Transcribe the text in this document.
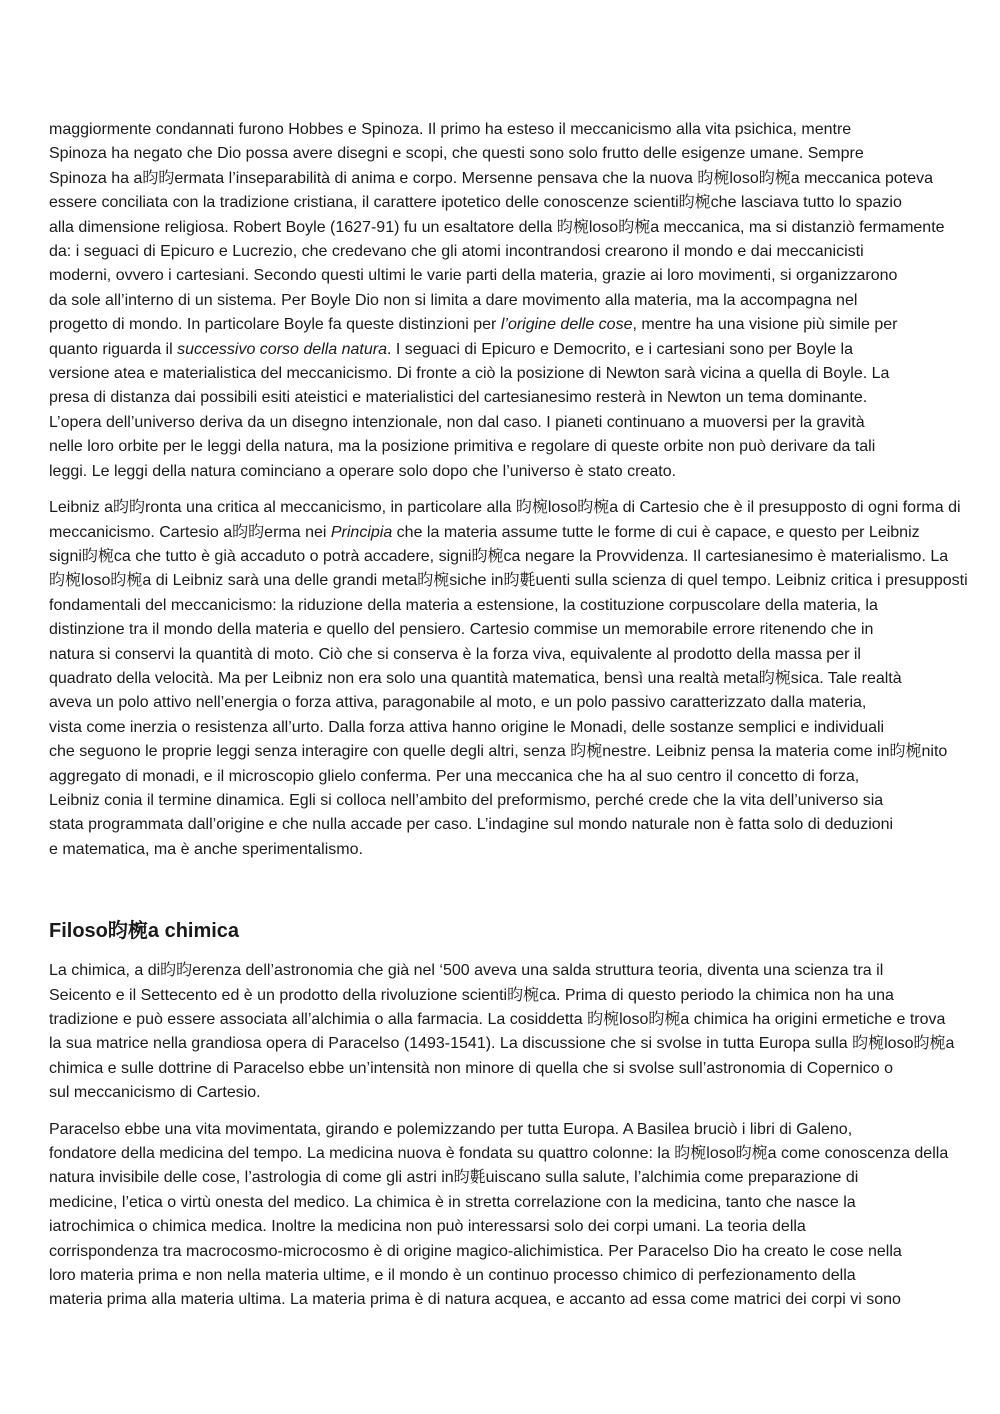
maggiormente condannati furono Hobbes e Spinoza. Il primo ha esteso il meccanicismo alla vita psichica, mentre
Spinoza ha negato che Dio possa avere disegni e scopi, che questi sono solo frutto delle esigenze umane. Sempre
Spinoza ha a昀昀ermata l’inseparabilità di anima e corpo. Mersenne pensava che la nuova 昀椀loso昀椀a meccanica poteva
essere conciliata con la tradizione cristiana, il carattere ipotetico delle conoscenze scienti昀椀che lasciava tutto lo spazio
alla dimensione religiosa. Robert Boyle (1627-91) fu un esaltatore della 昀椀loso昀椀a meccanica, ma si distanziò fermamente
da: i seguaci di Epicuro e Lucrezio, che credevano che gli atomi incontrandosi crearono il mondo e dai meccanicisti
moderni, ovvero i cartesiani. Secondo questi ultimi le varie parti della materia, grazie ai loro movimenti, si organizzarono
da sole all’interno di un sistema. Per Boyle Dio non si limita a dare movimento alla materia, ma la accompagna nel
progetto di mondo. In particolare Boyle fa queste distinzioni per l’origine delle cose, mentre ha una visione più simile per
quanto riguarda il successivo corso della natura. I seguaci di Epicuro e Democrito, e i cartesiani sono per Boyle la
versione atea e materialistica del meccanicismo. Di fronte a ciò la posizione di Newton sarà vicina a quella di Boyle. La
presa di distanza dai possibili esiti ateistici e materialistici del cartesianesimo resterà in Newton un tema dominante.
L’opera dell’universo deriva da un disegno intenzionale, non dal caso. I pianeti continuano a muoversi per la gravità
nelle loro orbite per le leggi della natura, ma la posizione primitiva e regolare di queste orbite non può derivare da tali
leggi. Le leggi della natura cominciano a operare solo dopo che l’universo è stato creato.

Leibniz a昀昀ronta una critica al meccanicismo, in particolare alla 昀椀loso昀椀a di Cartesio che è il presupposto di ogni forma di
meccanicismo. Cartesio a昀昀erma nei Principia che la materia assume tutte le forme di cui è capace, e questo per Leibniz
signi昀椀ca che tutto è già accaduto o potrà accadere, signi昀椀ca negare la Provvidenza. Il cartesianesimo è materialismo. La
昀椀loso昀椀a di Leibniz sarà una delle grandi meta昀椀siche in昀氀uenti sulla scienza di quel tempo. Leibniz critica i presupposti
fondamentali del meccanicismo: la riduzione della materia a estensione, la costituzione corpuscolare della materia, la
distinzione tra il mondo della materia e quello del pensiero. Cartesio commise un memorabile errore ritenendo che in
natura si conservi la quantità di moto. Ciò che si conserva è la forza viva, equivalente al prodotto della massa per il
quadrato della velocità. Ma per Leibniz non era solo una quantità matematica, bensì una realtà meta昀椀sica. Tale realtà
aveva un polo attivo nell’energia o forza attiva, paragonabile al moto, e un polo passivo caratterizzato dalla materia,
vista come inerzia o resistenza all’urto. Dalla forza attiva hanno origine le Monadi, delle sostanze semplici e individuali
che seguono le proprie leggi senza interagire con quelle degli altri, senza 昀椀nestre. Leibniz pensa la materia come in昀椀nito
aggregato di monadi, e il microscopio glielo conferma. Per una meccanica che ha al suo centro il concetto di forza,
Leibniz conia il termine dinamica. Egli si colloca nell’ambito del preformismo, perché crede che la vita dell’universo sia
stata programmata dall’origine e che nulla accade per caso. L’indagine sul mondo naturale non è fatta solo di deduzioni
e matematica, ma è anche sperimentalismo.

Filoso昀椀a chimica

La chimica, a di昀昀erenza dell’astronomia che già nel ‘500 aveva una salda struttura teoria, diventa una scienza tra il
Seicento e il Settecento ed è un prodotto della rivoluzione scienti昀椀ca. Prima di questo periodo la chimica non ha una
tradizione e può essere associata all’alchimia o alla farmacia. La cosiddetta 昀椀loso昀椀a chimica ha origini ermetiche e trova
la sua matrice nella grandiosa opera di Paracelso (1493-1541). La discussione che si svolse in tutta Europa sulla 昀椀loso昀椀a
chimica e sulle dottrine di Paracelso ebbe un’intensità non minore di quella che si svolse sull’astronomia di Copernico o
sul meccanicismo di Cartesio.

Paracelso ebbe una vita movimentata, girando e polemizzando per tutta Europa. A Basilea bruciò i libri di Galeno,
fondatore della medicina del tempo. La medicina nuova è fondata su quattro colonne: la 昀椀loso昀椀a come conoscenza della
natura invisibile delle cose, l’astrologia di come gli astri in昀氀uiscano sulla salute, l’alchimia come preparazione di
medicine, l’etica o virtù onesta del medico. La chimica è in stretta correlazione con la medicina, tanto che nasce la
iatrochimica o chimica medica. Inoltre la medicina non può interessarsi solo dei corpi umani. La teoria della
corrispondenza tra macrocosmo-microcosmo è di origine magico-alichimistica. Per Paracelso Dio ha creato le cose nella
loro materia prima e non nella materia ultime, e il mondo è un continuo processo chimico di perfezionamento della
materia prima alla materia ultima. La materia prima è di natura acquea, e accanto ad essa come matrici dei corpi vi sono
